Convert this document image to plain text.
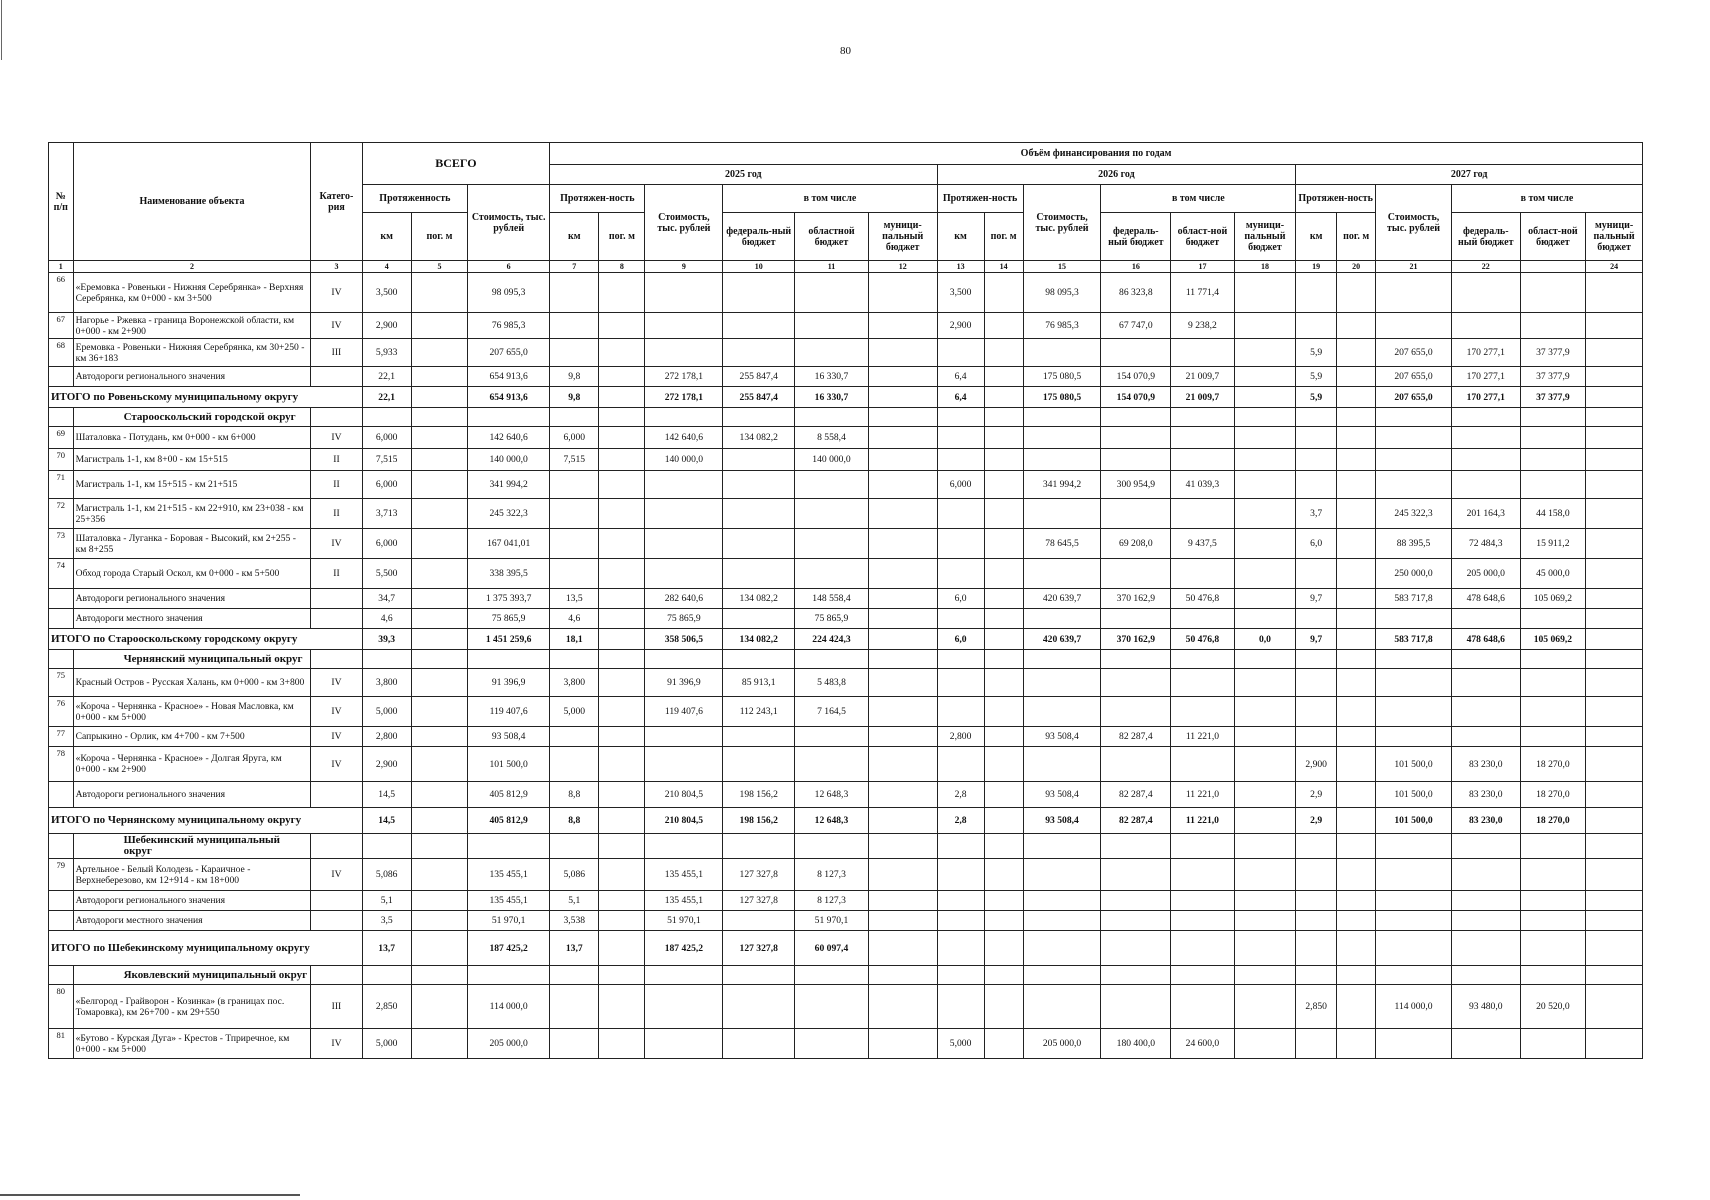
80
№ п/п	Наименование объекта	Катего-рия	ВСЕГО			Объём финансирования по годам																	
						2025 год						2026 год						2027 год					
			Протяженность		Стоимость, тыс. рублей	Протяжен-ность		Стоимость, тыс. рублей	в том числе			Протяжен-ность		Стоимость, тыс. рублей	в том числе			Протяжен-ность		Стоимость, тыс. рублей	в том числе		
			км	пог. м		км	пог. м		федераль-ный бюджет	областной бюджет	муници-пальный бюджет	км	пог. м		федераль-ный бюджет	област-ной бюджет	муници-пальный бюджет	км	пог. м		федераль-ный бюджет	област-ной бюджет	муници-пальный бюджет
1	2	3	4	5	6	7	8	9	10	11	12	13	14	15	16	17	18	19	20	21	22		24
66	«Еремовка - Ровеньки - Нижняя Серебрянка» - Верхняя Серебрянка, км 0+000 - км 3+500	IV	3,500		98 095,3							3,500		98 095,3	86 323,8	11 771,4							
67	Нагорье - Ржевка - граница Воронежской области, км 0+000 - км 2+900	IV	2,900		76 985,3							2,900		76 985,3	67 747,0	9 238,2							
68	Еремовка - Ровеньки - Нижняя Серебрянка, км 30+250 - км 36+183	III	5,933		207 655,0													5,9		207 655,0	170 277,1	37 377,9	
	Автодороги регионального значения		22,1		654 913,6	9,8		272 178,1	255 847,4	16 330,7		6,4		175 080,5	154 070,9	21 009,7		5,9		207 655,0	170 277,1	37 377,9	
ИТОГО по Ровеньскому муниципальному округу			22,1		654 913,6	9,8		272 178,1	255 847,4	16 330,7		6,4		175 080,5	154 070,9	21 009,7		5,9		207 655,0	170 277,1	37 377,9	
	Старооскольский городской округ																						
69	Шаталовка - Потудань, км 0+000 - км 6+000	IV	6,000		142 640,6	6,000		142 640,6	134 082,2	8 558,4													
70	Магистраль 1-1, км 8+00 - км 15+515	II	7,515		140 000,0	7,515		140 000,0		140 000,0													
71	Магистраль 1-1, км 15+515 - км 21+515	II	6,000		341 994,2							6,000		341 994,2	300 954,9	41 039,3							
72	Магистраль 1-1, км 21+515 - км 22+910, км 23+038 - км 25+356	II	3,713		245 322,3													3,7		245 322,3	201 164,3	44 158,0	
73	Шаталовка - Луганка - Боровая - Высокий, км 2+255 - км 8+255	IV	6,000		167 041,01									78 645,5	69 208,0	9 437,5		6,0		88 395,5	72 484,3	15 911,2	
74	Обход города Старый Оскол, км 0+000 - км 5+500	II	5,500		338 395,5															250 000,0	205 000,0	45 000,0	
	Автодороги регионального значения		34,7		1 375 393,7	13,5		282 640,6	134 082,2	148 558,4		6,0		420 639,7	370 162,9	50 476,8		9,7		583 717,8	478 648,6	105 069,2	
	Автодороги местного значения		4,6		75 865,9	4,6		75 865,9		75 865,9													
ИТОГО по Старооскольскому городскому округу			39,3		1 451 259,6	18,1		358 506,5	134 082,2	224 424,3		6,0		420 639,7	370 162,9	50 476,8	0,0	9,7		583 717,8	478 648,6	105 069,2	
	Чернянский муниципальный округ																						
75	Красный Остров - Русская Халань, км 0+000 - км 3+800	IV	3,800		91 396,9	3,800		91 396,9	85 913,1	5 483,8													
76	«Короча - Чернянка - Красное» - Новая Масловка, км 0+000 - км 5+000	IV	5,000		119 407,6	5,000		119 407,6	112 243,1	7 164,5													
77	Сапрыкино - Орлик, км 4+700 - км 7+500	IV	2,800		93 508,4							2,800		93 508,4	82 287,4	11 221,0							
78	«Короча - Чернянка - Красное» - Долгая Яруга, км 0+000 - км 2+900	IV	2,900		101 500,0													2,900		101 500,0	83 230,0	18 270,0	
	Автодороги регионального значения		14,5		405 812,9	8,8		210 804,5	198 156,2	12 648,3		2,8		93 508,4	82 287,4	11 221,0		2,9		101 500,0	83 230,0	18 270,0	
ИТОГО по Чернянскому муниципальному округу			14,5		405 812,9	8,8		210 804,5	198 156,2	12 648,3		2,8		93 508,4	82 287,4	11 221,0		2,9		101 500,0	83 230,0	18 270,0	
	Шебекинский муниципальный округ																						
79	Артельное - Белый Колодезь - Караичное - Верхнеберезово, км 12+914 - км 18+000	IV	5,086		135 455,1	5,086		135 455,1	127 327,8	8 127,3													
	Автодороги регионального значения		5,1		135 455,1	5,1		135 455,1	127 327,8	8 127,3													
	Автодороги местного значения		3,5		51 970,1	3,538		51 970,1		51 970,1													
ИТОГО по Шебекинскому муниципальному округу			13,7		187 425,2	13,7		187 425,2	127 327,8	60 097,4													
	Яковлевский муниципальный округ																						
80	«Белгород - Грайворон - Козинка» (в границах пос. Томаровка), км 26+700 - км 29+550	III	2,850		114 000,0													2,850		114 000,0	93 480,0	20 520,0	
81	«Бутово - Курская Дуга» - Крестов - Тприречное, км 0+000 - км 5+000	IV	5,000		205 000,0							5,000		205 000,0	180 400,0	24 600,0							
